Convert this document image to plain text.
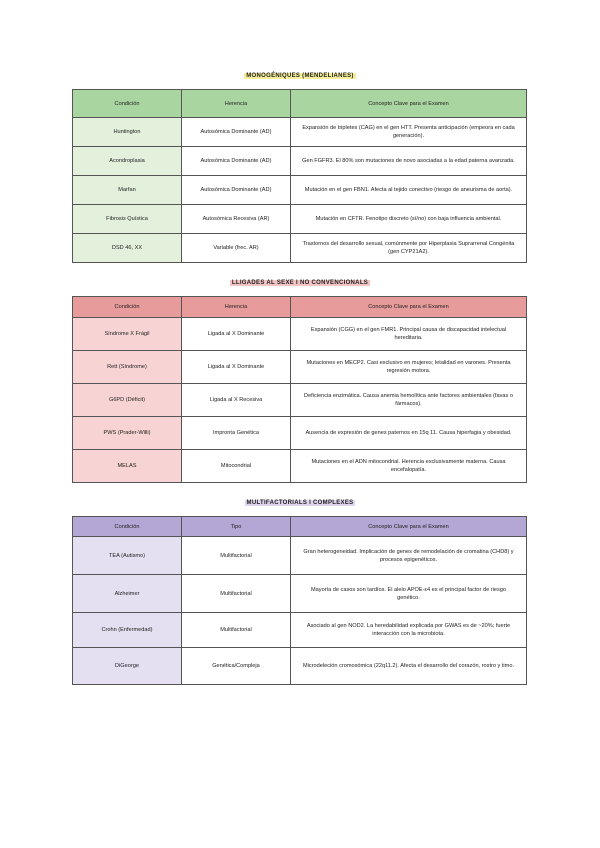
MONOGÉNIQUES (MENDELIANES)
Condición	Herencia	Concepto Clave para el Examen
Huntington	Autosómica Dominante (AD)	Expansión de tripletes (CAG) en el gen HTT. Presenta anticipación (empeora en cada generación).
Acondroplasia	Autosómica Dominante (AD)	Gen FGFR3. El 80% son mutaciones de novo asociadas a la edad paterna avanzada.
Marfan	Autosómica Dominante (AD)	Mutación en el gen FBN1. Afecta al tejido conectivo (riesgo de aneurisma de aorta).
Fibrosis Quística	Autosómica Recesiva (AR)	Mutación en CFTR. Fenotipo discreto (sí/no) con baja influencia ambiental.
DSD 46, XX	Variable (frec. AR)	Trastornos del desarrollo sexual, comúnmente por Hiperplasia Suprarrenal Congénita (gen CYP21A2).
LLIGADES AL SEXE I NO CONVENCIONALS
Condición	Herencia	Concepto Clave para el Examen
Síndrome X Frágil	Ligada al X Dominante	Expansión (CGG) en el gen FMR1. Principal causa de discapacidad intelectual hereditaria.
Rett (Síndrome)	Ligada al X Dominante	Mutaciones en MECP2. Casi exclusivo en mujeres; letalidad en varones. Presenta regresión motora.
G6PD (Déficit)	Ligada al X Recesiva	Deficiencia enzimática. Causa anemia hemolítica ante factores ambientales (favas o fármacos).
PWS (Prader-Willi)	Impronta Genética	Ausencia de expresión de genes paternos en 15q 11. Causa hiperfagia y obesidad.
MELAS	Mitocondrial	Mutaciones en el ADN mitocondrial. Herencia exclusivamente materna. Causa encefalopatía.
MULTIFACTORIALS I COMPLEXES
Condición	Tipo	Concepto Clave para el Examen
TEA (Autismo)	Multifactorial	Gran heterogeneidad. Implicación de genes de remodelación de cromatina (CHD8) y procesos epigenéticos.
Alzheimer	Multifactorial	Mayoría de casos son tardíos. El alelo APOE-ε4 es el principal factor de riesgo genético.
Crohn (Enfermedad)	Multifactorial	Asociado al gen NOD2. La heredabilidad explicada por GWAS es de ~20%; fuerte interacción con la microbiota.
DiGeorge	Genética/Compleja	Microdeleción cromosómica (22q11.2). Afecta el desarrollo del corazón, rostro y timo.
